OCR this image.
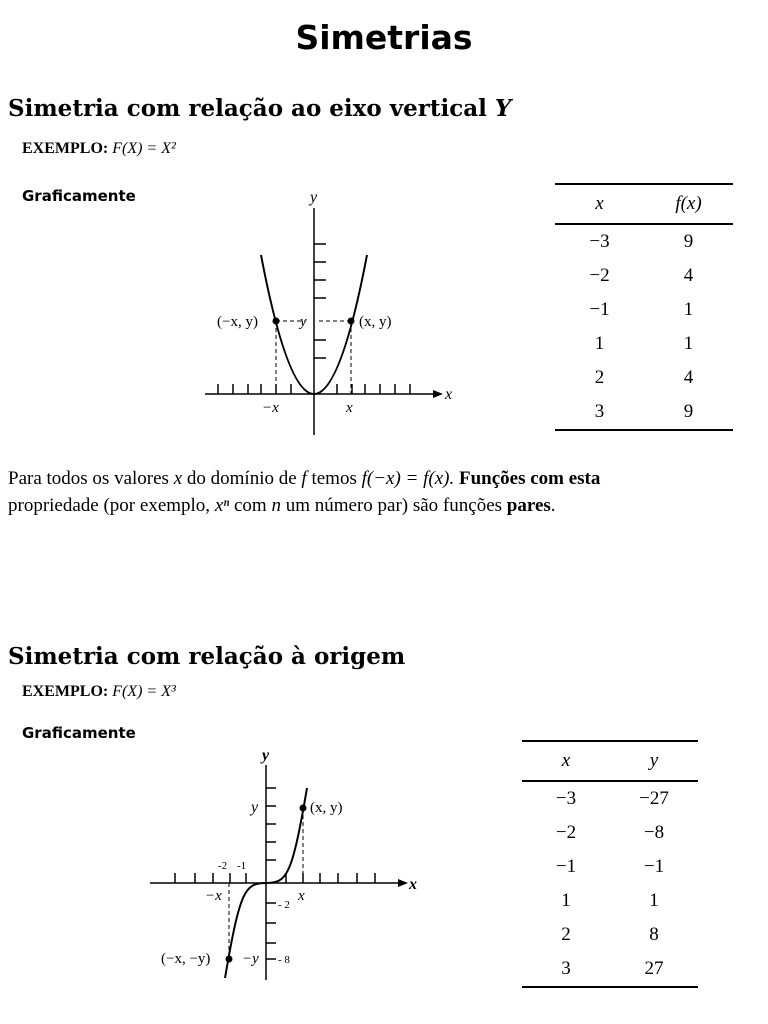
Simetrias
Simetria com relação ao eixo vertical Y
EXEMPLO: F(X) = X²
Graficamente	y
x
(−x, y)	(x, y)
y
−x	x
x	f(x)
−3	9
−2	4
−1	1
1	1
2	4
3	9
Para todos os valores x do domínio de f temos f(−x) = f(x). Funções com esta
propriedade (por exemplo, xⁿ com n um número par) são funções pares.
Simetria com relação à origem
EXEMPLO: F(X) = X³
Graficamente
y
x
y	(x, y)
(−x, −y) −y
−x	x
-2 -1
- 2
- 8
x	y
−3	−27
−2	−8
−1	−1
1	1
2	8
3	27
